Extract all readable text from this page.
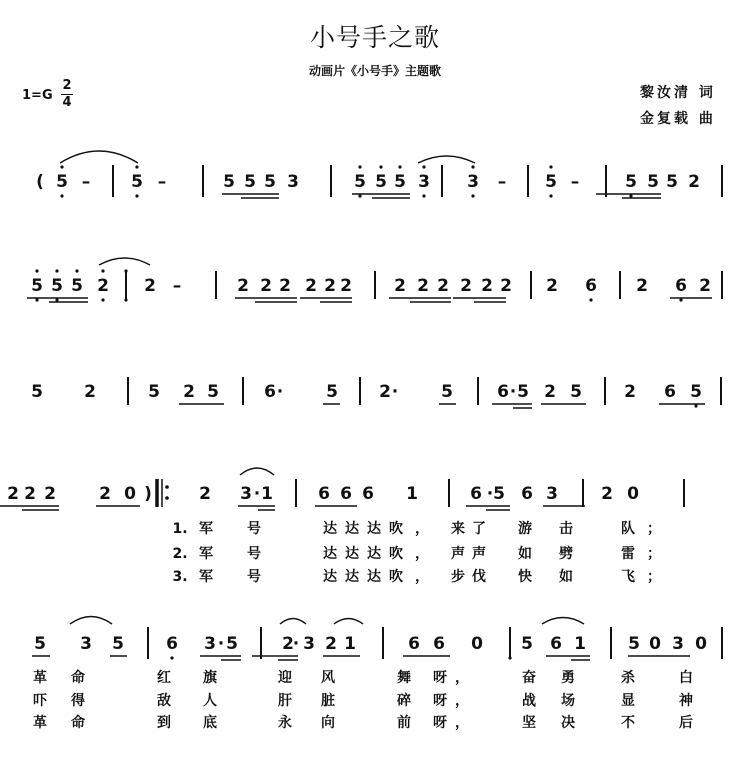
小号手之歌
动画片《小号手》主题歌
1=G
2
4
黎汝清 词
金复载 曲
( 5 – 5 –	5 5 5 3	5 5 5 3 3 – 5 –	5 5 5 2
5 5 5 2 2 –	2 2 2 2 2 2 2 2 2 2 2 2 2 6 2 6 2
5 2	5 2 5	6 ·	5 2 ·	5	6 · 5 2 5 2 6 5
2 2 2	2 0 )	2 3 · 1	6 6 6 1	6 · 5 6 3	2 0
5 3 5 6 3 · 5	2
· 3 2 1	6 6 0 5 6 1 5 0 3 0
1. 军 号	达 达 达 吹 ， 来 了 游 击	队 ；
2. 军 号	达 达 达 吹 ， 声 声 如 劈	雷 ；
3. 军 号	达 达 达 吹 ， 步 伐 快 如	飞 ；
革 命	红 旗	迎 风	舞 呀 ，	奋 勇	杀	白
吓 得	敌 人	肝 脏	碎 呀 ，	战 场	显	神
革 命	到 底	永 向	前 呀 ，	坚 决	不	后
